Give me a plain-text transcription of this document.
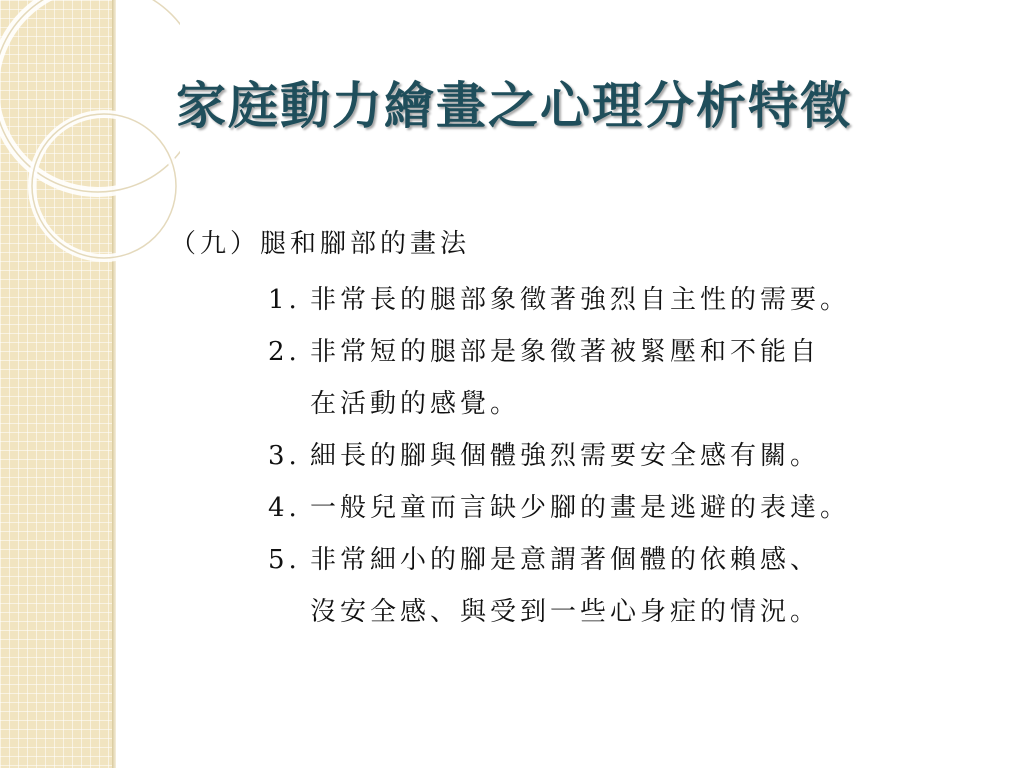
家庭動力繪畫之心理分析特徵
（九）腿和腳部的畫法
1. 非常長的腿部象徵著強烈自主性的需要。
2. 非常短的腿部是象徵著被緊壓和不能自
在活動的感覺。
3. 細長的腳與個體強烈需要安全感有關。
4. 一般兒童而言缺少腳的畫是逃避的表達。
5. 非常細小的腳是意謂著個體的依賴感、
沒安全感、與受到一些心身症的情況。
